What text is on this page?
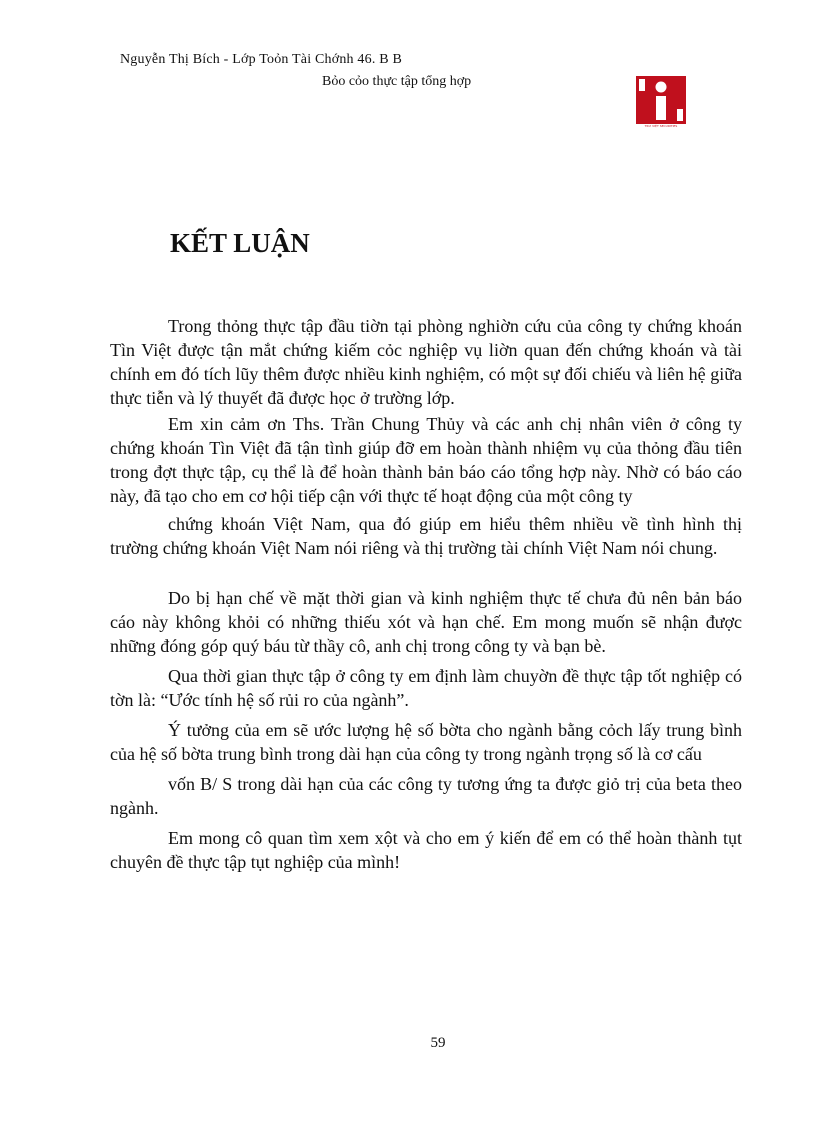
Nguyễn Thị Bích - Lớp Toỏn Tài Chớnh 46. B B
Bỏo cỏo thực tập tổng hợp
TRƯ VIỆT SECURITIES
KẾT LUẬN

Trong thỏng thực tập đầu tiờn tại phòng nghiờn cứu của công ty chứng khoán Tìn Việt được tận mắt chứng kiếm cỏc nghiệp vụ liờn quan đến chứng khoán và tài chính em đó tích lũy thêm được nhiều kinh nghiệm, có một sự đối chiếu và liên hệ giữa thực tiễn và lý thuyết đã được học ở trường lớp.

Em xin cảm ơn Ths. Trần Chung Thủy và các anh chị nhân viên ở công ty chứng khoán Tìn Việt đã tận tình giúp đỡ em hoàn thành nhiệm vụ của thỏng đầu tiên trong đợt thực tập, cụ thể là để hoàn thành bản báo cáo tổng hợp này. Nhờ có báo cáo này, đã tạo cho em cơ hội tiếp cận với thực tế hoạt động của một công ty

chứng khoán Việt Nam, qua đó giúp em hiểu thêm nhiều về tình hình thị trường chứng khoán Việt Nam nói riêng và thị trường tài chính Việt Nam nói chung.

Do bị hạn chế về mặt thời gian và kinh nghiệm thực tế chưa đủ nên bản báo cáo này không khỏi có những thiếu xót và hạn chế. Em mong muốn sẽ nhận được những đóng góp quý báu từ thầy cô, anh chị trong công ty và bạn bè.

Qua thời gian thực tập ở công ty em định làm chuyờn đề thực tập tốt nghiệp có tờn là: “Ước tính hệ số rủi ro của ngành”.

Ý tưởng của em sẽ ước lượng hệ số bờta cho ngành bằng cỏch lấy trung bình của hệ số bờta trung bình trong dài hạn của công ty trong ngành trọng số là cơ cấu

vốn B/ S trong dài hạn của các công ty tương ứng ta được giỏ trị của beta theo ngành.

Em mong cô quan tìm xem xột và cho em ý kiến để em có thể hoàn thành tụt chuyên đề thực tập tụt nghiệp của mình!

59
